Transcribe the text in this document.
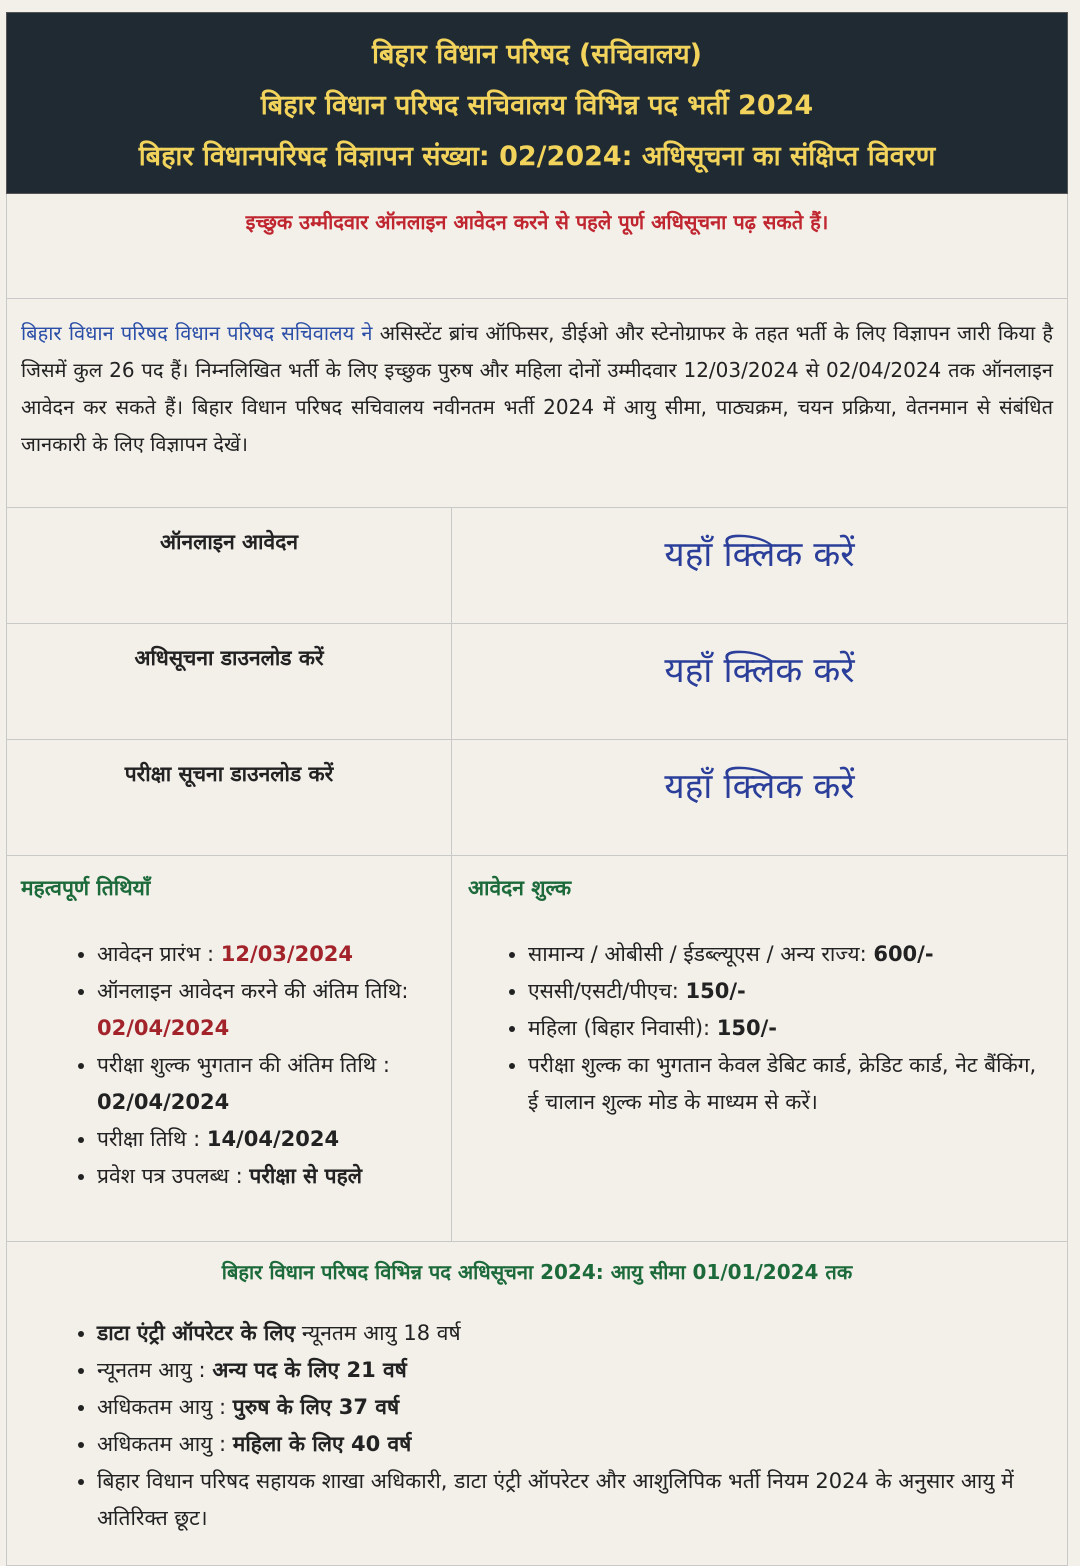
बिहार विधान परिषद (सचिवालय)
बिहार विधान परिषद सचिवालय विभिन्न पद भर्ती 2024
बिहार विधानपरिषद विज्ञापन संख्या: 02/2024: अधिसूचना का संक्षिप्त विवरण
इच्छुक उम्मीदवार ऑनलाइन आवेदन करने से पहले पूर्ण अधिसूचना पढ़ सकते हैं।
बिहार विधान परिषद विधान परिषद सचिवालय ने असिस्टेंट ब्रांच ऑफिसर, डीईओ और स्टेनोग्राफर के तहत भर्ती के लिए विज्ञापन जारी किया है जिसमें कुल 26 पद हैं। निम्नलिखित भर्ती के लिए इच्छुक पुरुष और महिला दोनों उम्मीदवार 12/03/2024 से 02/04/2024 तक ऑनलाइन आवेदन कर सकते हैं। बिहार विधान परिषद सचिवालय नवीनतम भर्ती 2024 में आयु सीमा, पाठ्यक्रम, चयन प्रक्रिया, वेतनमान से संबंधित जानकारी के लिए विज्ञापन देखें।
ऑनलाइन आवेदन	यहाँ क्लिक करें
अधिसूचना डाउनलोड करें	यहाँ क्लिक करें
परीक्षा सूचना डाउनलोड करें	यहाँ क्लिक करें
महत्वपूर्ण तिथियाँ
• आवेदन प्रारंभ : 12/03/2024
• ऑनलाइन आवेदन करने की अंतिम तिथि: 02/04/2024
• परीक्षा शुल्क भुगतान की अंतिम तिथि : 02/04/2024
• परीक्षा तिथि : 14/04/2024
• प्रवेश पत्र उपलब्ध : परीक्षा से पहले
आवेदन शुल्क
• सामान्य / ओबीसी / ईडब्ल्यूएस / अन्य राज्य: 600/-
• एससी/एसटी/पीएच: 150/-
• महिला (बिहार निवासी): 150/-
• परीक्षा शुल्क का भुगतान केवल डेबिट कार्ड, क्रेडिट कार्ड, नेट बैंकिंग, ई चालान शुल्क मोड के माध्यम से करें।
बिहार विधान परिषद विभिन्न पद अधिसूचना 2024: आयु सीमा 01/01/2024 तक
• डाटा एंट्री ऑपरेटर के लिए न्यूनतम आयु 18 वर्ष
• न्यूनतम आयु : अन्य पद के लिए 21 वर्ष
• अधिकतम आयु : पुरुष के लिए 37 वर्ष
• अधिकतम आयु : महिला के लिए 40 वर्ष
• बिहार विधान परिषद सहायक शाखा अधिकारी, डाटा एंट्री ऑपरेटर और आशुलिपिक भर्ती नियम 2024 के अनुसार आयु में अतिरिक्त छूट।
